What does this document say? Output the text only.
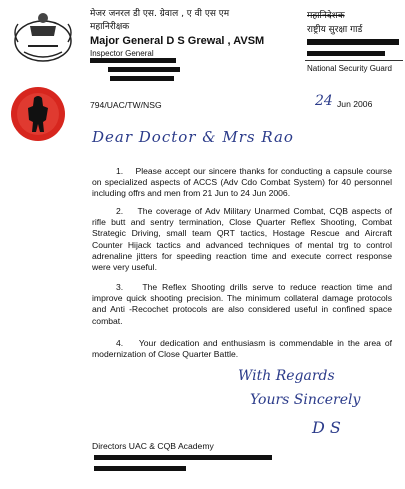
मेजर जनरल डी एस. ग्रेवाल , ए वी एस एम
महानिरीक्षक
Major General D S Grewal , AVSM
Inspector General
महानिदेशक
राष्ट्रीय सुरक्षा गार्ड
National Security Guard
794/UAC/TW/NSG	24 Jun 2006
Dear Doctor & Mrs Rao
1. Please accept our sincere thanks for conducting a capsule course on specialized aspects of ACCS (Adv Cdo Combat System) for 40 personnel including offrs and men from 21 Jun to 24 Jun 2006.
2. The coverage of Adv Military Unarmed Combat, CQB aspects of rifle butt and sentry termination, Close Quarter Reflex Shooting, Combat Strategic Driving, small team QRT tactics, Hostage Rescue and Aircraft Counter Hijack tactics and advanced techniques of mental trg to control adrenaline jitters for speeding reaction time and execute correct response were very useful.
3. The Reflex Shooting drills serve to reduce reaction time and improve quick shooting precision. The minimum collateral damage protocols and Anti -Recochet protocols are also considered useful in confined space combat.
4. Your dedication and enthusiasm is commendable in the area of modernization of Close Quarter Battle.
With Regards
Yours Sincerely
D S
Directors UAC & CQB Academy
